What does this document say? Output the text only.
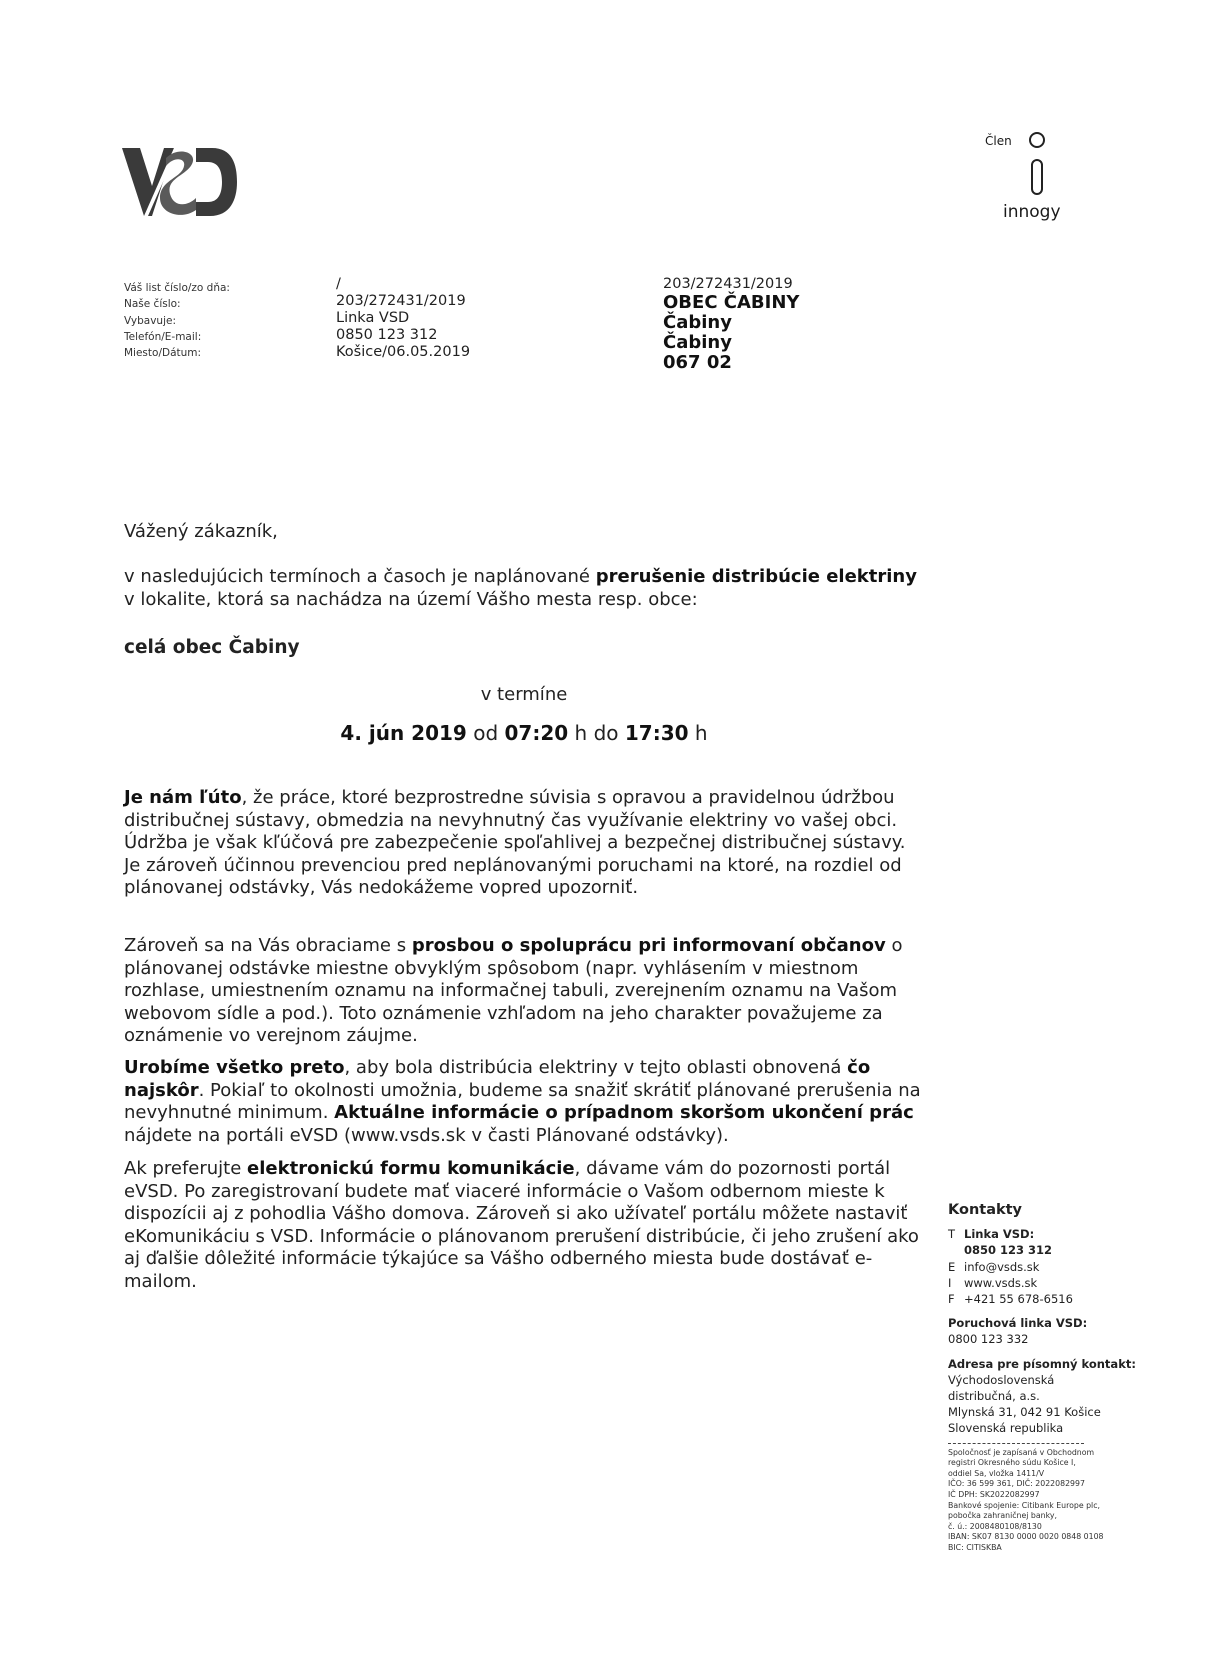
Člen
innogy
Váš list číslo/zo dňa:
Naše číslo:
Vybavuje:
Telefón/E-mail:
Miesto/Dátum:
/
203/272431/2019
Linka VSD
0850 123 312
Košice/06.05.2019
203/272431/2019
OBEC ČABINY
Čabiny
Čabiny
067 02
Vážený zákazník,
v nasledujúcich termínoch a časoch je naplánované prerušenie distribúcie elektriny v lokalite, ktorá sa nachádza na území Vášho mesta resp. obce:
celá obec Čabiny
v termíne
4. jún 2019 od 07:20 h do 17:30 h
Je nám ľúto, že práce, ktoré bezprostredne súvisia s opravou a pravidelnou údržbou distribučnej sústavy, obmedzia na nevyhnutný čas využívanie elektriny vo vašej obci. Údržba je však kľúčová pre zabezpečenie spoľahlivej a bezpečnej distribučnej sústavy. Je zároveň účinnou prevenciou pred neplánovanými poruchami na ktoré, na rozdiel od plánovanej odstávky, Vás nedokážeme vopred upozorniť.
Zároveň sa na Vás obraciame s prosbou o spoluprácu pri informovaní občanov o plánovanej odstávke miestne obvyklým spôsobom (napr. vyhlásením v miestnom rozhlase, umiestnením oznamu na informačnej tabuli, zverejnením oznamu na Vašom webovom sídle a pod.). Toto oznámenie vzhľadom na jeho charakter považujeme za oznámenie vo verejnom záujme.
Urobíme všetko preto, aby bola distribúcia elektriny v tejto oblasti obnovená čo najskôr. Pokiaľ to okolnosti umožnia, budeme sa snažiť skrátiť plánované prerušenia na nevyhnutné minimum. Aktuálne informácie o prípadnom skoršom ukončení prác nájdete na portáli eVSD (www.vsds.sk v časti Plánované odstávky).
Ak preferujte elektronickú formu komunikácie, dávame vám do pozornosti portál eVSD. Po zaregistrovaní budete mať viaceré informácie o Vašom odbernom mieste k dispozícii aj z pohodlia Vášho domova. Zároveň si ako užívateľ portálu môžete nastaviť eKomunikáciu s VSD. Informácie o plánovanom prerušení distribúcie, či jeho zrušení ako aj ďalšie dôležité informácie týkajúce sa Vášho odberného miesta bude dostávať e-mailom.
Kontakty
T Linka VSD:
0850 123 312
E info@vsds.sk
I	www.vsds.sk
F +421 55 678-6516
Poruchová linka VSD:
0800 123 332
Adresa pre písomný kontakt:
Východoslovenská
distribučná, a.s.
Mlynská 31, 042 91 Košice
Slovenská republika
Spoločnosť je zapísaná v Obchodnom
registri Okresného súdu Košice I,
oddiel Sa, vložka 1411/V
IČO: 36 599 361, DIČ: 2022082997
IČ DPH: SK2022082997
Bankové spojenie: Citibank Europe plc,
pobočka zahraničnej banky,
č. ú.: 2008480108/8130
IBAN: SK07 8130 0000 0020 0848 0108
BIC: CITISKBA
